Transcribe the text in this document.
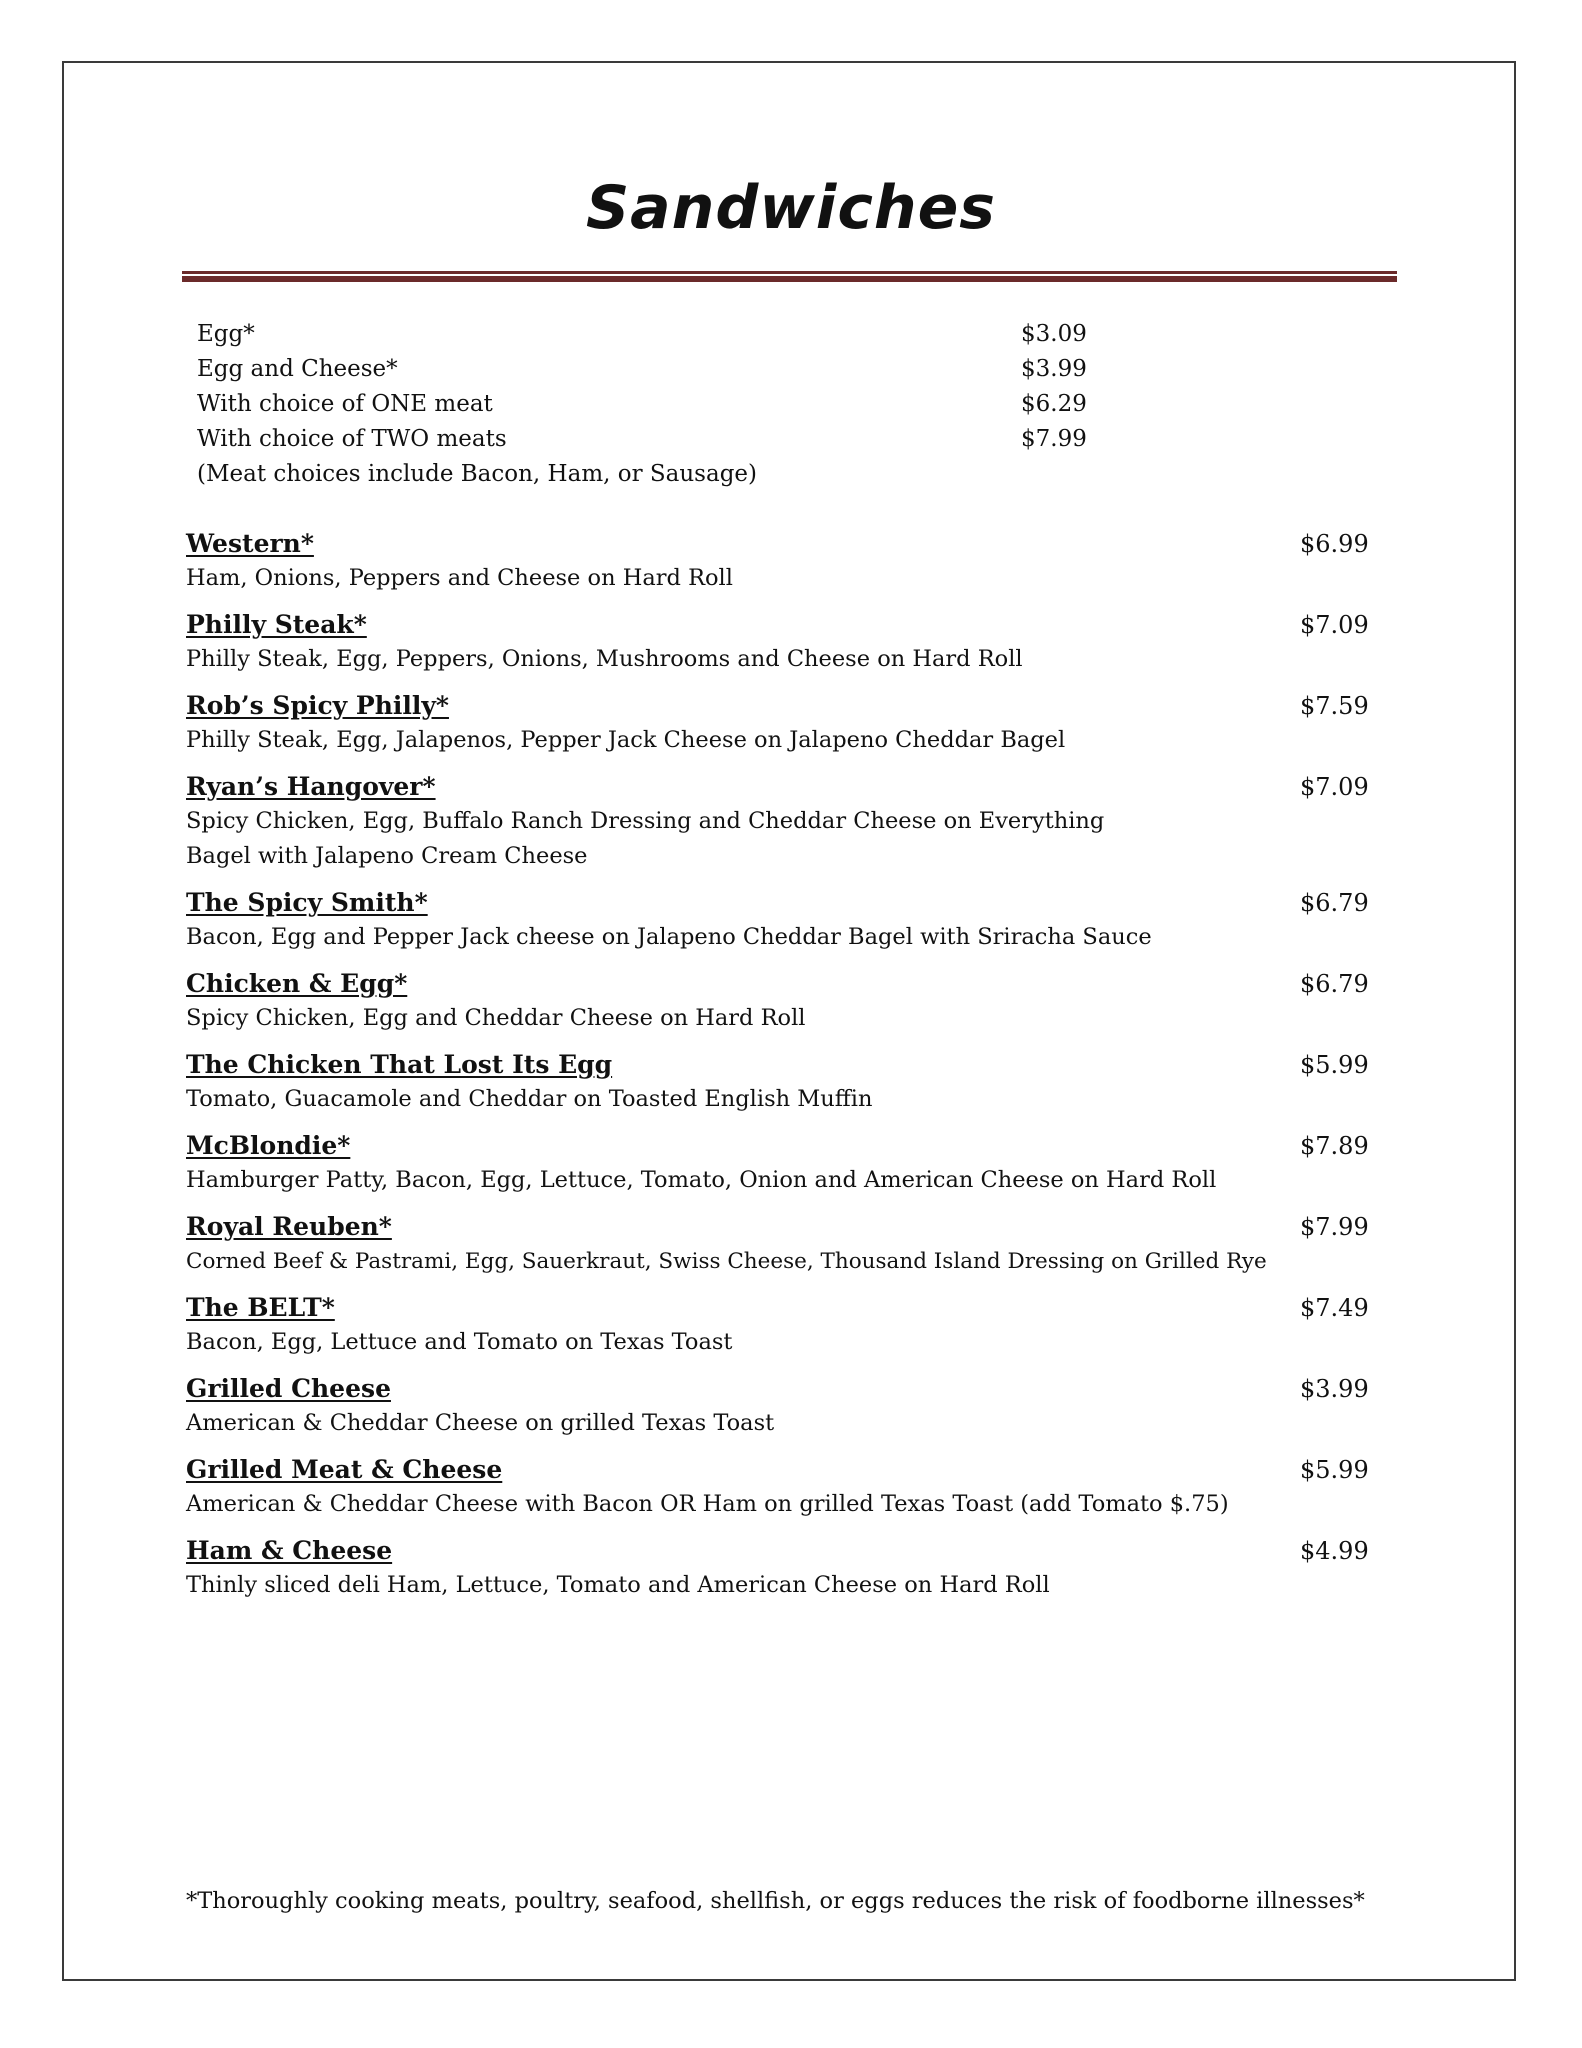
Sandwiches
Egg*	$3.09
Egg and Cheese*	$3.99
With choice of ONE meat	$6.29
With choice of TWO meats	$7.99
(Meat choices include Bacon, Ham, or Sausage)
Western*	$6.99
Ham, Onions, Peppers and Cheese on Hard Roll
Philly Steak*	$7.09
Philly Steak, Egg, Peppers, Onions, Mushrooms and Cheese on Hard Roll
Rob’s Spicy Philly*	$7.59
Philly Steak, Egg, Jalapenos, Pepper Jack Cheese on Jalapeno Cheddar Bagel
Ryan’s Hangover*	$7.09
Spicy Chicken, Egg, Buffalo Ranch Dressing and Cheddar Cheese on Everything Bagel with Jalapeno Cream Cheese
The Spicy Smith*	$6.79
Bacon, Egg and Pepper Jack cheese on Jalapeno Cheddar Bagel with Sriracha Sauce
Chicken & Egg*	$6.79
Spicy Chicken, Egg and Cheddar Cheese on Hard Roll
The Chicken That Lost Its Egg	$5.99
Tomato, Guacamole and Cheddar on Toasted English Muffin
McBlondie*	$7.89
Hamburger Patty, Bacon, Egg, Lettuce, Tomato, Onion and American Cheese on Hard Roll
Royal Reuben*	$7.99
Corned Beef & Pastrami, Egg, Sauerkraut, Swiss Cheese, Thousand Island Dressing on Grilled Rye
The BELT*	$7.49
Bacon, Egg, Lettuce and Tomato on Texas Toast
Grilled Cheese	$3.99
American & Cheddar Cheese on grilled Texas Toast
Grilled Meat & Cheese	$5.99
American & Cheddar Cheese with Bacon OR Ham on grilled Texas Toast (add Tomato $.75)
Ham & Cheese	$4.99
Thinly sliced deli Ham, Lettuce, Tomato and American Cheese on Hard Roll
*Thoroughly cooking meats, poultry, seafood, shellfish, or eggs reduces the risk of foodborne illnesses*
